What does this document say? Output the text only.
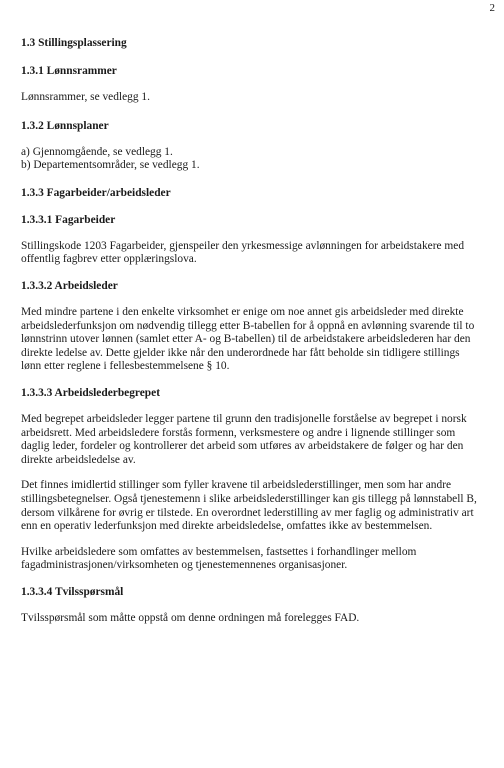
2
1.3 Stillingsplassering
1.3.1 Lønnsrammer

Lønnsrammer, se vedlegg 1.

1.3.2 Lønnsplaner
a) Gjennomgående, se vedlegg 1.
b) Departementsområder, se vedlegg 1.
1.3.3 Fagarbeider/arbeidsleder
1.3.3.1 Fagarbeider

Stillingskode 1203 Fagarbeider, gjenspeiler den yrkesmessige avlønningen for arbeidstakere med offentlig fagbrev etter opplæringslova.

1.3.3.2 Arbeidsleder

Med mindre partene i den enkelte virksomhet er enige om noe annet gis arbeidsleder med direkte arbeidslederfunksjon om nødvendig tillegg etter B-tabellen for å oppnå en avlønning svarende til to lønnstrinn utover lønnen (samlet etter A- og B-tabellen) til de arbeidstakere arbeidslederen har den direkte ledelse av. Dette gjelder ikke når den underordnede har fått beholde sin tidligere stillings lønn etter reglene i fellesbestemmelsene § 10.

1.3.3.3 Arbeidslederbegrepet

Med begrepet arbeidsleder legger partene til grunn den tradisjonelle forståelse av begrepet i norsk arbeidsrett. Med arbeidsledere forstås formenn, verksmestere og andre i lignende stillinger som daglig leder, fordeler og kontrollerer det arbeid som utføres av arbeidstakere de følger og har den direkte arbeidsledelse av.

Det finnes imidlertid stillinger som fyller kravene til arbeidslederstillinger, men som har andre stillingsbetegnelser. Også tjenestemenn i slike arbeidslederstillinger kan gis tillegg på lønnstabell B, dersom vilkårene for øvrig er tilstede. En overordnet lederstilling av mer faglig og administrativ art enn en operativ lederfunksjon med direkte arbeidsledelse, omfattes ikke av bestemmelsen.

Hvilke arbeidsledere som omfattes av bestemmelsen, fastsettes i forhandlinger mellom fagadministrasjonen/virksomheten og tjenestemennenes organisasjoner.

1.3.3.4 Tvilsspørsmål

Tvilsspørsmål som måtte oppstå om denne ordningen må forelegges FAD.
